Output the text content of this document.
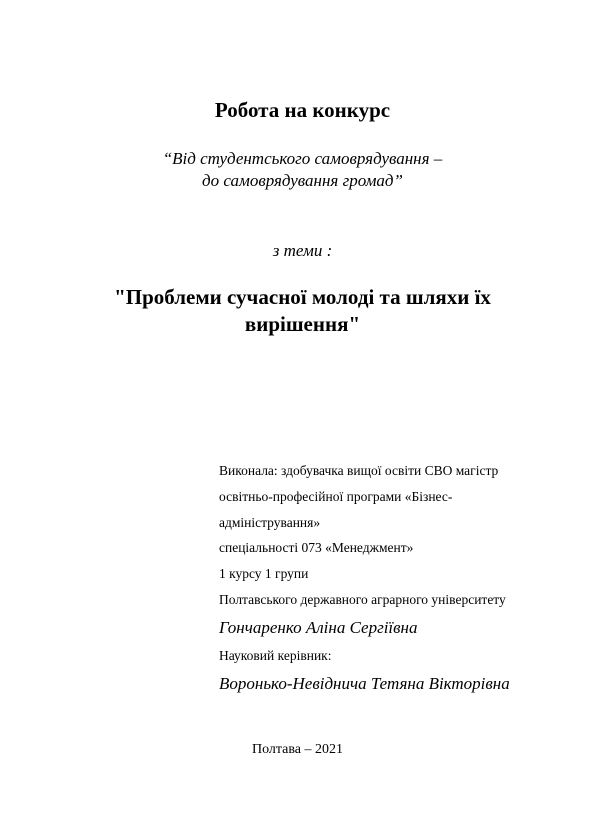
Робота на конкурс
“Від студентського самоврядування –
до самоврядування громад”
з теми :
"Проблеми сучасної молоді та шляхи їх
вирішення"
Виконала: здобувачка вищої освіти СВО магістр
освітньо-професійної програми «Бізнес-
адміністрування»
спеціальності 073 «Менеджмент»
1 курсу 1 групи
Полтавського державного аграрного університету
Гончаренко Аліна Сергіївна
Науковий керівник:
Воронько-Невіднича Тетяна Вікторівна
Полтава – 2021
